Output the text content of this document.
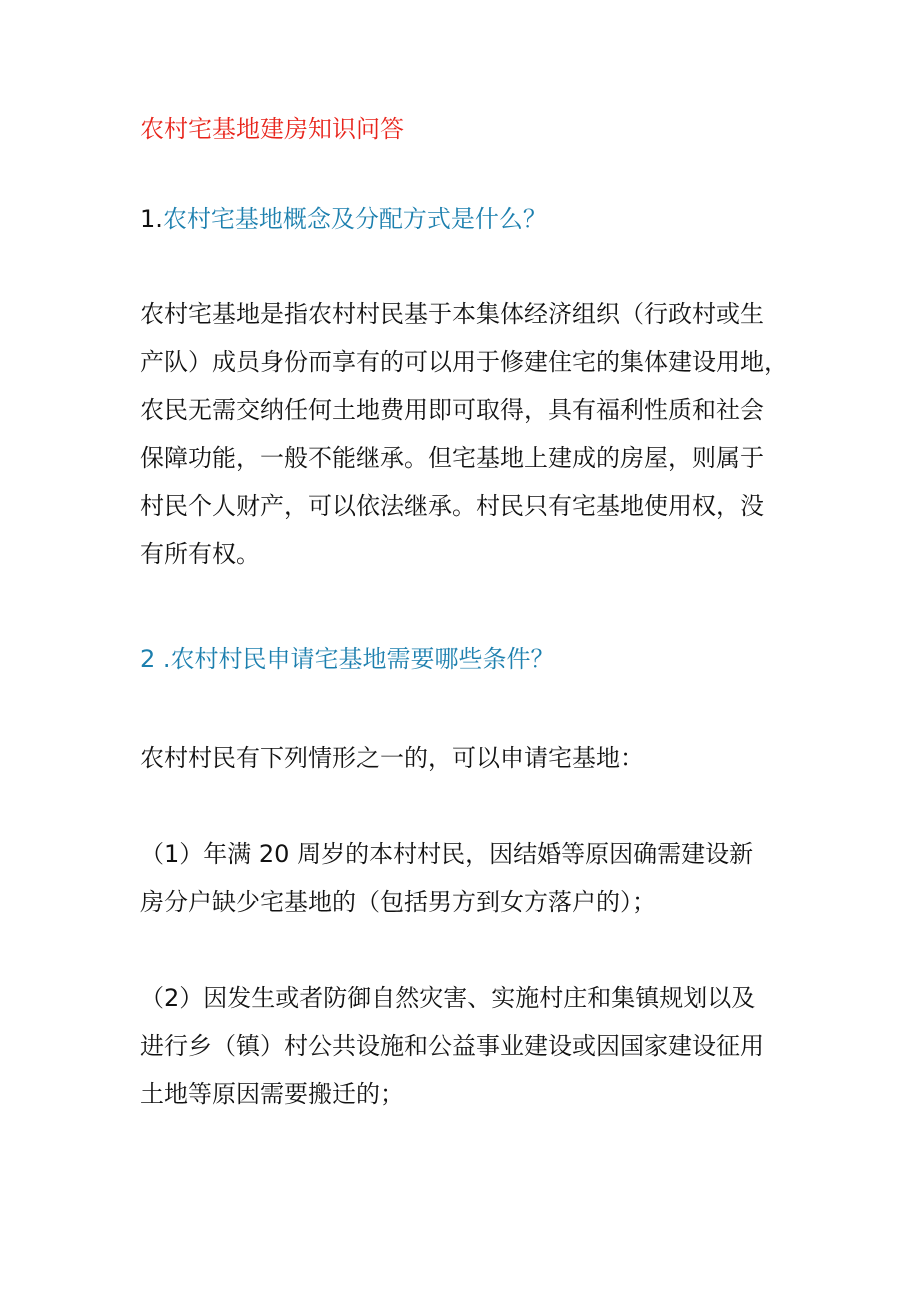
农村宅基地建房知识问答
1.农村宅基地概念及分配方式是什么？
农村宅基地是指农村村民基于本集体经济组织（行政村或生
产队）成员身份而享有的可以用于修建住宅的集体建设用地，
农民无需交纳任何土地费用即可取得，具有福利性质和社会
保障功能，一般不能继承。但宅基地上建成的房屋，则属于
村民个人财产，可以依法继承。村民只有宅基地使用权，没
有所有权。
2 .农村村民申请宅基地需要哪些条件？
农村村民有下列情形之一的，可以申请宅基地：
（1）年满 20 周岁的本村村民，因结婚等原因确需建设新
房分户缺少宅基地的（包括男方到女方落户的）；
（2）因发生或者防御自然灾害、实施村庄和集镇规划以及
进行乡（镇）村公共设施和公益事业建设或因国家建设征用
土地等原因需要搬迁的；
